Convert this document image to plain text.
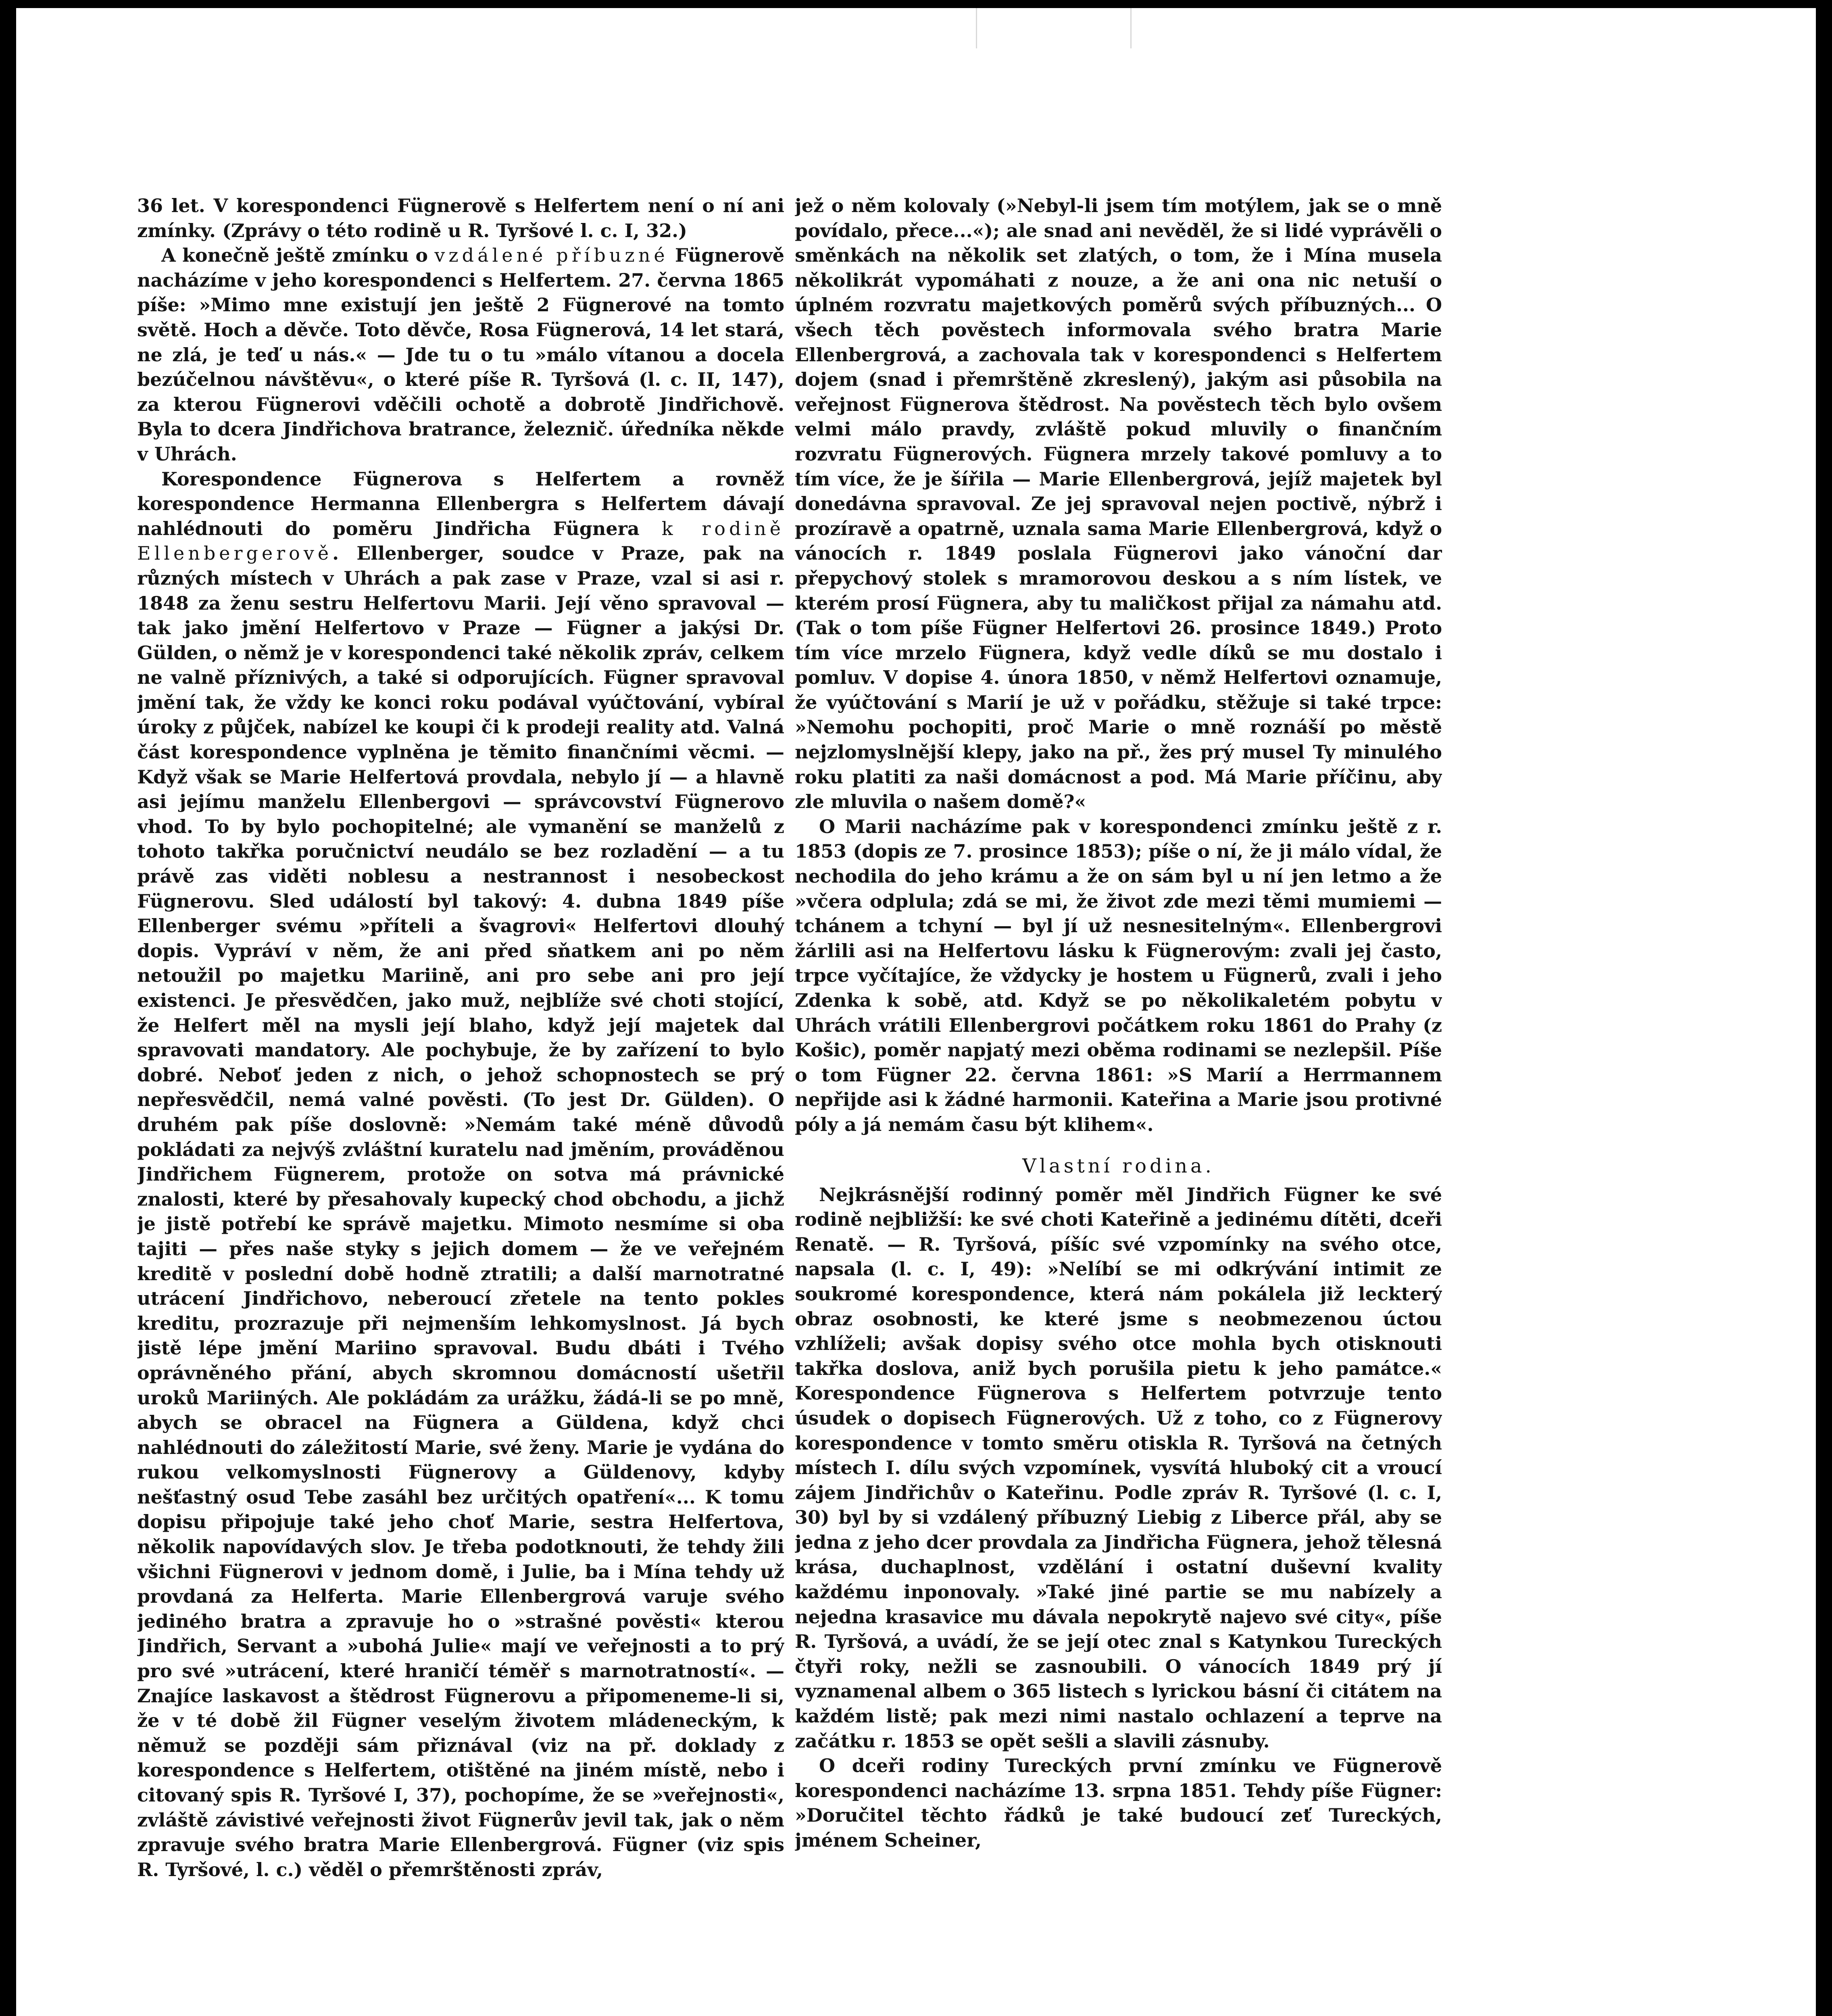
36 let. V korespondenci Fügnerově s Helfertem není o ní ani zmínky. (Zprávy o této rodině u R. Tyršové l. c. I, 32.)

A konečně ještě zmínku o vzdálené příbuzné Fügnerově nacházíme v jeho korespondenci s Helfertem. 27. června 1865 píše: »Mimo mne existují jen ještě 2 Fügnerové na tomto světě. Hoch a děvče. Toto děvče, Rosa Fügnerová, 14 let stará, ne zlá, je teď u nás.« — Jde tu o tu »málo vítanou a docela bezúčelnou návštěvu«, o které píše R. Tyršová (l. c. II, 147), za kterou Fügnerovi vděčili ochotě a dobrotě Jindřichově. Byla to dcera Jindřichova bratrance, železnič. úředníka někde v Uhrách.

Korespondence Fügnerova s Helfertem a rovněž korespondence Hermanna Ellenbergra s Helfertem dávají nahlédnouti do poměru Jindřicha Fügnera k rodině Ellenbergerově. Ellenberger, soudce v Praze, pak na různých místech v Uhrách a pak zase v Praze, vzal si asi r. 1848 za ženu sestru Helfertovu Marii. Její věno spravoval — tak jako jmění Helfertovo v Praze — Fügner a jakýsi Dr. Gülden, o němž je v korespondenci také několik zpráv, celkem ne valně příznivých, a také si odporujících. Fügner spravoval jmění tak, že vždy ke konci roku podával vyúčtování, vybíral úroky z půjček, nabízel ke koupi či k prodeji reality atd. Valná část korespondence vyplněna je těmito finančními věcmi. — Když však se Marie Helfertová provdala, nebylo jí — a hlavně asi jejímu manželu Ellenbergovi — správcovství Fügnerovo vhod. To by bylo pochopitelné; ale vymanění se manželů z tohoto takřka poručnictví neudálo se bez rozladění — a tu právě zas viděti noblesu a nestrannost i nesobeckost Fügnerovu. Sled událostí byl takový: 4. dubna 1849 píše Ellenberger svému »příteli a švagrovi« Helfertovi dlouhý dopis. Vypráví v něm, že ani před sňatkem ani po něm netoužil po majetku Mariině, ani pro sebe ani pro její existenci. Je přesvědčen, jako muž, nejblíže své choti stojící, že Helfert měl na mysli její blaho, když její majetek dal spravovati mandatory. Ale pochybuje, že by zařízení to bylo dobré. Neboť jeden z nich, o jehož schopnostech se prý nepřesvědčil, nemá valné pověsti. (To jest Dr. Gülden). O druhém pak píše doslovně: »Nemám také méně důvodů pokládati za nejvýš zvláštní kuratelu nad jměním, prováděnou Jindřichem Fügnerem, protože on sotva má právnické znalosti, které by přesahovaly kupecký chod obchodu, a jichž je jistě potřebí ke správě majetku. Mimoto nesmíme si oba tajiti — přes naše styky s jejich domem — že ve veřejném kreditě v poslední době hodně ztratili; a další marnotratné utrácení Jindřichovo, neberoucí zřetele na tento pokles kreditu, prozrazuje při nejmenším lehkomyslnost. Já bych jistě lépe jmění Mariino spravoval. Budu dbáti i Tvého oprávněného přání, abych skromnou domácností ušetřil uroků Mariiných. Ale pokládám za urážku, žádá-li se po mně, abych se obracel na Fügnera a Güldena, když chci nahlédnouti do záležitostí Marie, své ženy. Marie je vydána do rukou velkomyslnosti Fügnerovy a Güldenovy, kdyby nešťastný osud Tebe zasáhl bez určitých opatření«... K tomu dopisu připojuje také jeho choť Marie, sestra Helfertova, několik napovídavých slov. Je třeba podotknouti, že tehdy žili všichni Fügnerovi v jednom domě, i Julie, ba i Mína tehdy už provdaná za Helferta. Marie Ellenbergrová varuje svého jediného bratra a zpravuje ho o »strašné pověsti« kterou Jindřich, Servant a »ubohá Julie« mají ve veřejnosti a to prý pro své »utrácení, které hraničí téměř s marnotratností«. — Znajíce laskavost a štědrost Fügnerovu a připomeneme-li si, že v té době žil Fügner veselým životem mládeneckým, k němuž se později sám přiznával (viz na př. doklady z korespondence s Helfertem, otištěné na jiném místě, nebo i citovaný spis R. Tyršové I, 37), pochopíme, že se »veřejnosti«, zvláště závistivé veřejnosti život Fügnerův jevil tak, jak o něm zpravuje svého bratra Marie Ellenbergrová. Fügner (viz spis R. Tyršové, l. c.) věděl o přemrštěnosti zpráv,

jež o něm kolovaly (»Nebyl-li jsem tím motýlem, jak se o mně povídalo, přece...«); ale snad ani nevěděl, že si lidé vyprávěli o směnkách na několik set zlatých, o tom, že i Mína musela několikrát vypomáhati z nouze, a že ani ona nic netuší o úplném rozvratu majetkových poměrů svých příbuzných... O všech těch pověstech informovala svého bratra Marie Ellenbergrová, a zachovala tak v korespondenci s Helfertem dojem (snad i přemrštěně zkreslený), jakým asi působila na veřejnost Fügnerova štědrost. Na pověstech těch bylo ovšem velmi málo pravdy, zvláště pokud mluvily o finančním rozvratu Fügnerových. Fügnera mrzely takové pomluvy a to tím více, že je šířila — Marie Ellenbergrová, jejíž majetek byl donedávna spravoval. Ze jej spravoval nejen poctivě, nýbrž i prozíravě a opatrně, uznala sama Marie Ellenbergrová, když o vánocích r. 1849 poslala Fügnerovi jako vánoční dar přepychový stolek s mramorovou deskou a s ním lístek, ve kterém prosí Fügnera, aby tu maličkost přijal za námahu atd. (Tak o tom píše Fügner Helfertovi 26. prosince 1849.) Proto tím více mrzelo Fügnera, když vedle díků se mu dostalo i pomluv. V dopise 4. února 1850, v němž Helfertovi oznamuje, že vyúčtování s Marií je už v pořádku, stěžuje si také trpce: »Nemohu pochopiti, proč Marie o mně roznáší po městě nejzlomyslnější klepy, jako na př., žes prý musel Ty minulého roku platiti za naši domácnost a pod. Má Marie příčinu, aby zle mluvila o našem domě?«

O Marii nacházíme pak v korespondenci zmínku ještě z r. 1853 (dopis ze 7. prosince 1853); píše o ní, že ji málo vídal, že nechodila do jeho krámu a že on sám byl u ní jen letmo a že »včera odplula; zdá se mi, že život zde mezi těmi mumiemi — tchánem a tchyní — byl jí už nesnesitelným«. Ellenbergrovi žárlili asi na Helfertovu lásku k Fügnerovým: zvali jej často, trpce vyčítajíce, že vždycky je hostem u Fügnerů, zvali i jeho Zdenka k sobě, atd. Když se po několikaletém pobytu v Uhrách vrátili Ellenbergrovi počátkem roku 1861 do Prahy (z Košic), poměr napjatý mezi oběma rodinami se nezlepšil. Píše o tom Fügner 22. června 1861: »S Marií a Herrmannem nepřijde asi k žádné harmonii. Kateřina a Marie jsou protivné póly a já nemám času být klihem«.

Vlastní rodina.

Nejkrásnější rodinný poměr měl Jindřich Fügner ke své rodině nejbližší: ke své choti Kateřině a jedinému dítěti, dceři Renatě. — R. Tyršová, píšíc své vzpomínky na svého otce, napsala (l. c. I, 49): »Nelíbí se mi odkrývání intimit ze soukromé korespondence, která nám pokálela již leckterý obraz osobnosti, ke které jsme s neobmezenou úctou vzhlíželi; avšak dopisy svého otce mohla bych otisknouti takřka doslova, aniž bych porušila pietu k jeho památce.« Korespondence Fügnerova s Helfertem potvrzuje tento úsudek o dopisech Fügnerových. Už z toho, co z Fügnerovy korespondence v tomto směru otiskla R. Tyršová na četných místech I. dílu svých vzpomínek, vysvítá hluboký cit a vroucí zájem Jindřichův o Kateřinu. Podle zpráv R. Tyršové (l. c. I, 30) byl by si vzdálený příbuzný Liebig z Liberce přál, aby se jedna z jeho dcer provdala za Jindřicha Fügnera, jehož tělesná krása, duchaplnost, vzdělání i ostatní duševní kvality každému inponovaly. »Také jiné partie se mu nabízely a nejedna krasavice mu dávala nepokrytě najevo své city«, píše R. Tyršová, a uvádí, že se její otec znal s Katynkou Tureckých čtyři roky, nežli se zasnoubili. O vánocích 1849 prý jí vyznamenal albem o 365 listech s lyrickou básní či citátem na každém listě; pak mezi nimi nastalo ochlazení a teprve na začátku r. 1853 se opět sešli a slavili zásnuby.

O dceři rodiny Tureckých první zmínku ve Fügnerově korespondenci nacházíme 13. srpna 1851. Tehdy píše Fügner: »Doručitel těchto řádků je také budoucí zeť Tureckých, jménem Scheiner,
